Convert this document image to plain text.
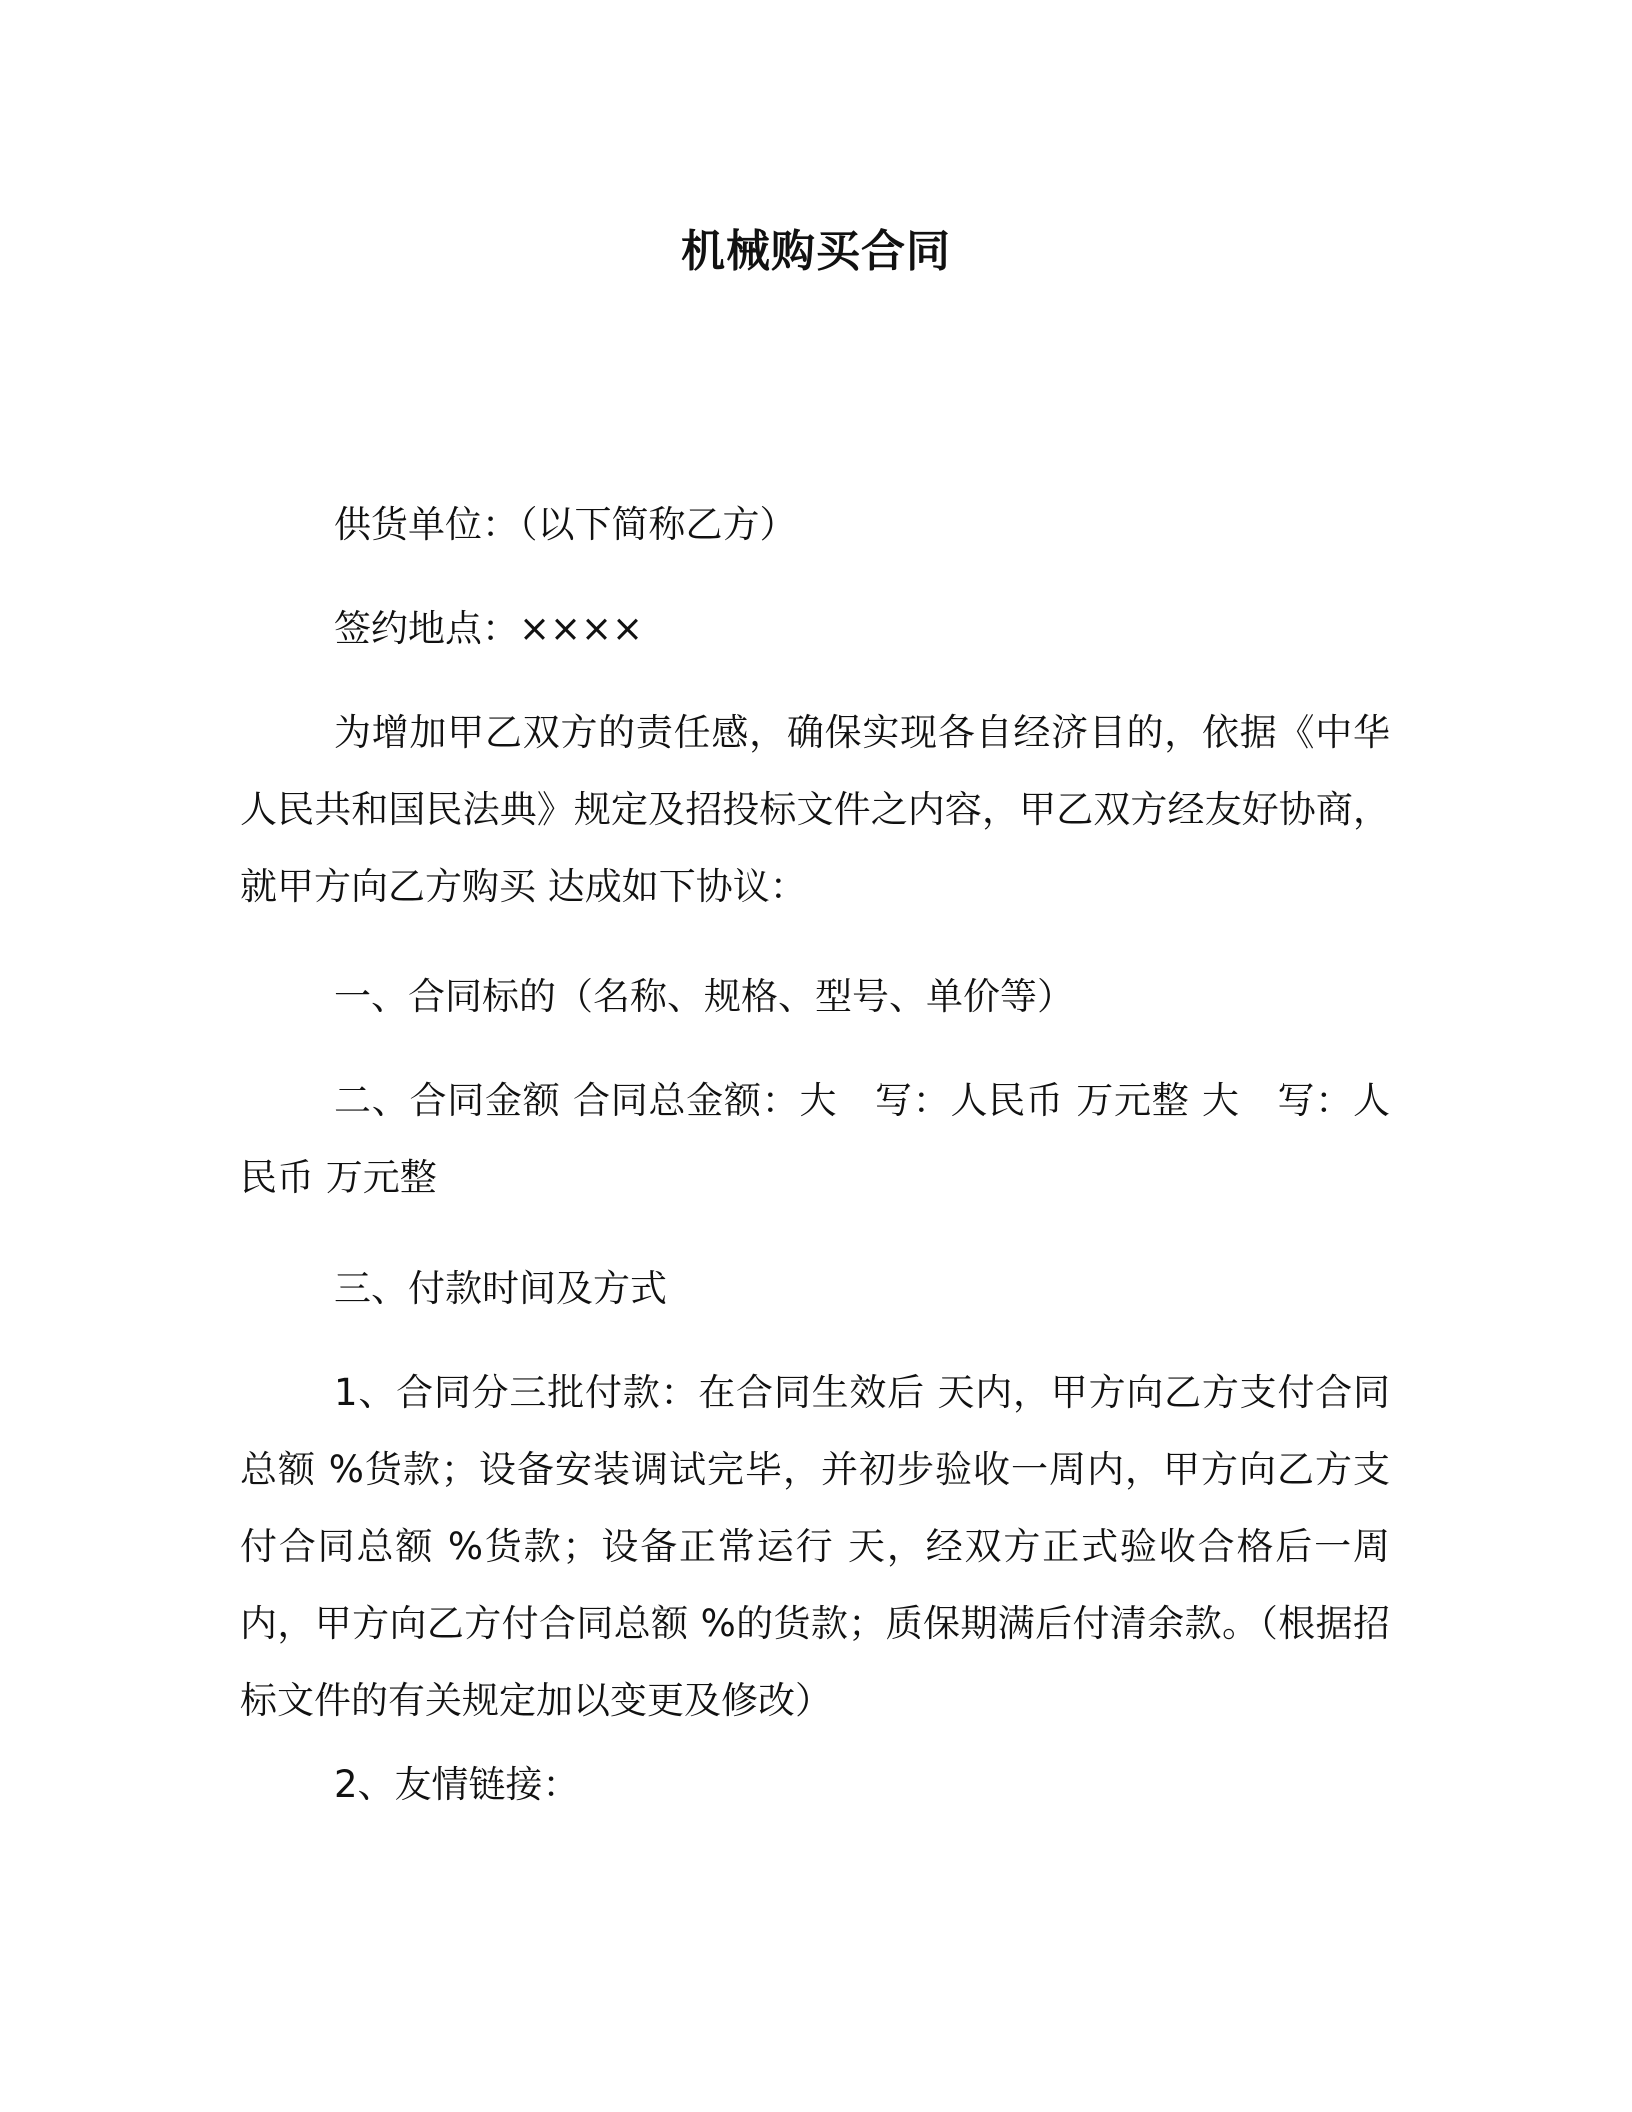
机械购买合同
供货单位：（以下简称乙方）
签约地点：××××
为增加甲乙双方的责任感，确保实现各自经济目的，依据《中华人民共和国民法典》规定及招投标文件之内容，甲乙双方经友好协商，就甲方向乙方购买 达成如下协议：
一、合同标的（名称、规格、型号、单价等）
二、合同金额 合同总金额：大　写：人民币 万元整 大　写：人民币 万元整
三、付款时间及方式
1、合同分三批付款：在合同生效后 天内，甲方向乙方支付合同总额 %货款；设备安装调试完毕，并初步验收一周内，甲方向乙方支付合同总额 %货款；设备正常运行 天，经双方正式验收合格后一周内，甲方向乙方付合同总额 %的货款；质保期满后付清余款。（根据招标文件的有关规定加以变更及修改）
2、友情链接：
